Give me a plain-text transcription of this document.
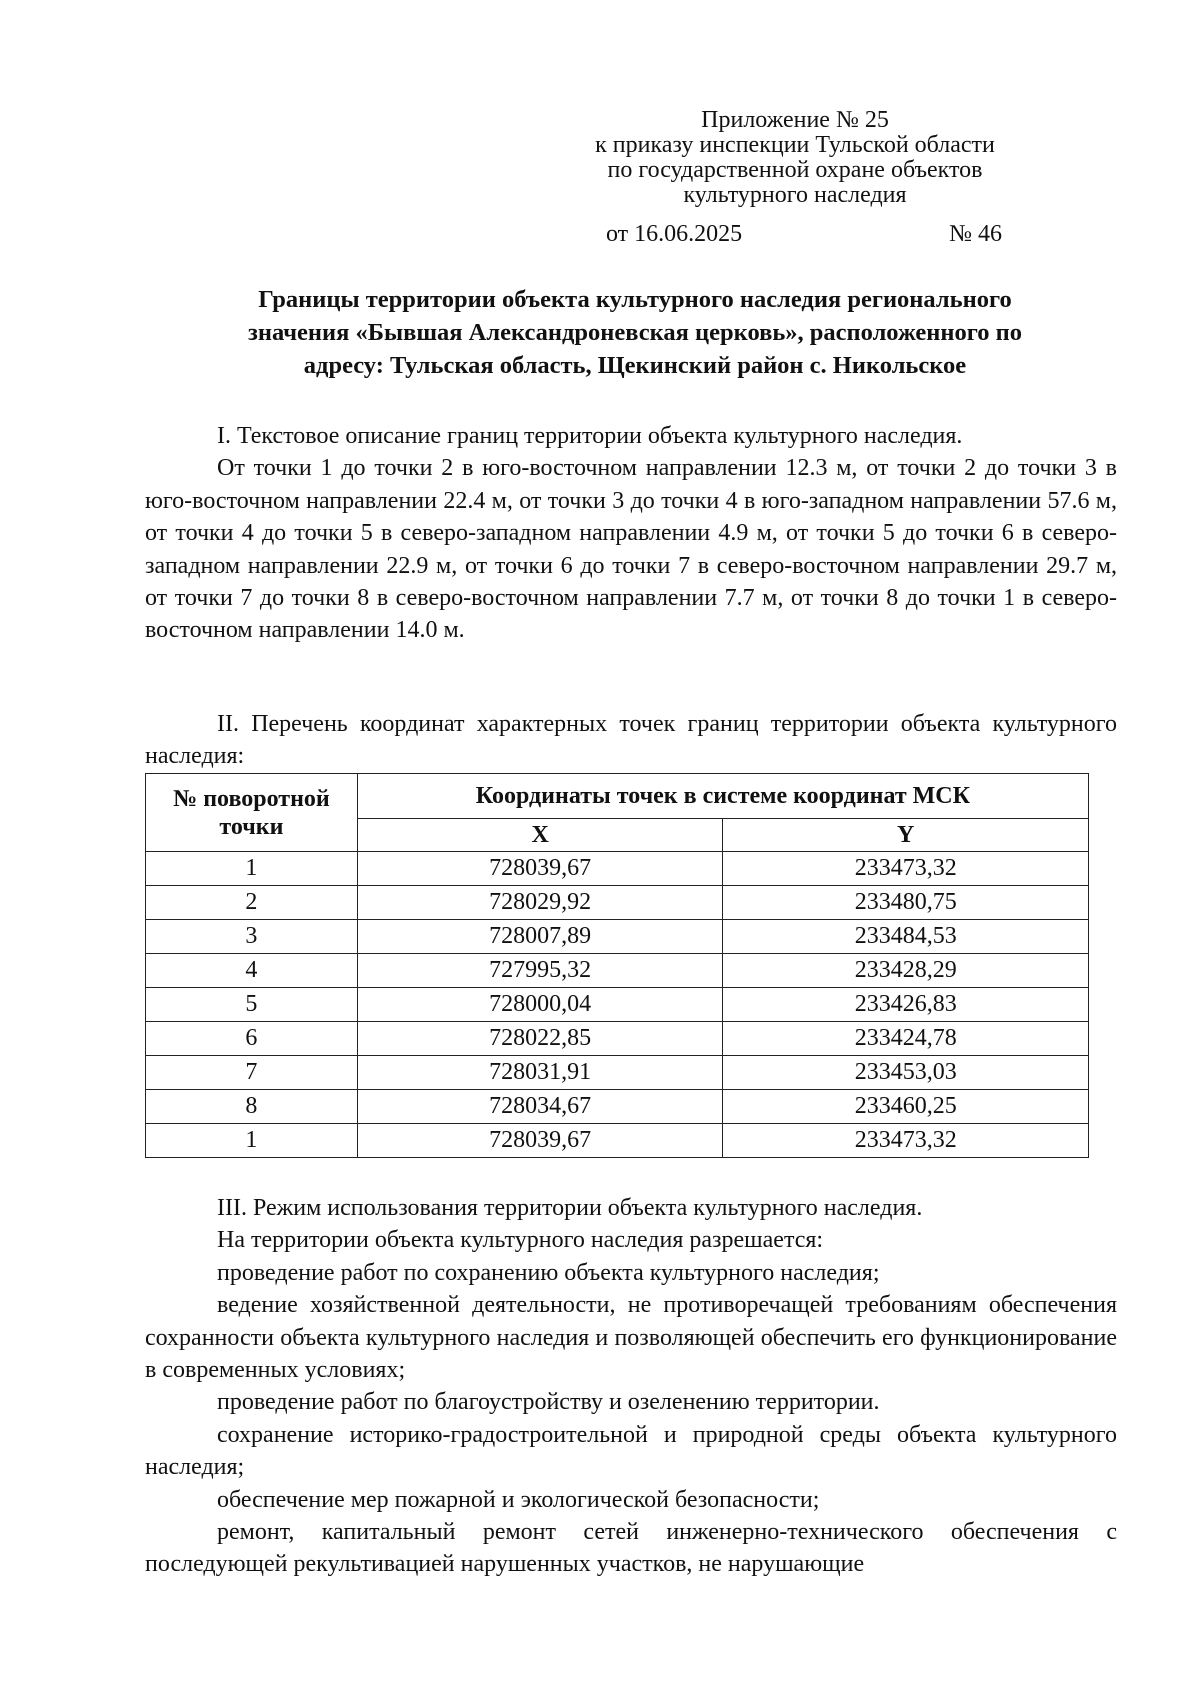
Приложение № 25
к приказу инспекции Тульской области
по государственной охране объектов
культурного наследия
от 16.06.2025	№ 46
Границы территории объекта культурного наследия регионального
значения «Бывшая Александроневская церковь», расположенного по
адресу: Тульская область, Щекинский район с. Никольское

I. Текстовое описание границ территории объекта культурного наследия.

От точки 1 до точки 2 в юго-восточном направлении 12.3 м, от точки 2 до точки 3 в юго-восточном направлении 22.4 м, от точки 3 до точки 4 в юго-западном направлении 57.6 м, от точки 4 до точки 5 в северо-западном направлении 4.9 м, от точки 5 до точки 6 в северо-западном направлении 22.9 м, от точки 6 до точки 7 в северо-восточном направлении 29.7 м, от точки 7 до точки 8 в северо-восточном направлении 7.7 м, от точки 8 до точки 1 в северо-восточном направлении 14.0 м.

II. Перечень координат характерных точек границ территории объекта культурного наследия:

№ поворотной точки	Координаты точек в системе координат МСК	
	X	Y
1	728039,67	233473,32
2	728029,92	233480,75
3	728007,89	233484,53
4	727995,32	233428,29
5	728000,04	233426,83
6	728022,85	233424,78
7	728031,91	233453,03
8	728034,67	233460,25
1	728039,67	233473,32

III. Режим использования территории объекта культурного наследия.

На территории объекта культурного наследия разрешается:

проведение работ по сохранению объекта культурного наследия;

ведение хозяйственной деятельности, не противоречащей требованиям обеспечения сохранности объекта культурного наследия и позволяющей обеспечить его функционирование в современных условиях;

проведение работ по благоустройству и озеленению территории.

сохранение историко-градостроительной и природной среды объекта культурного наследия;

обеспечение мер пожарной и экологической безопасности;

ремонт, капитальный ремонт сетей инженерно-технического обеспечения с последующей рекультивацией нарушенных участков, не нарушающие
